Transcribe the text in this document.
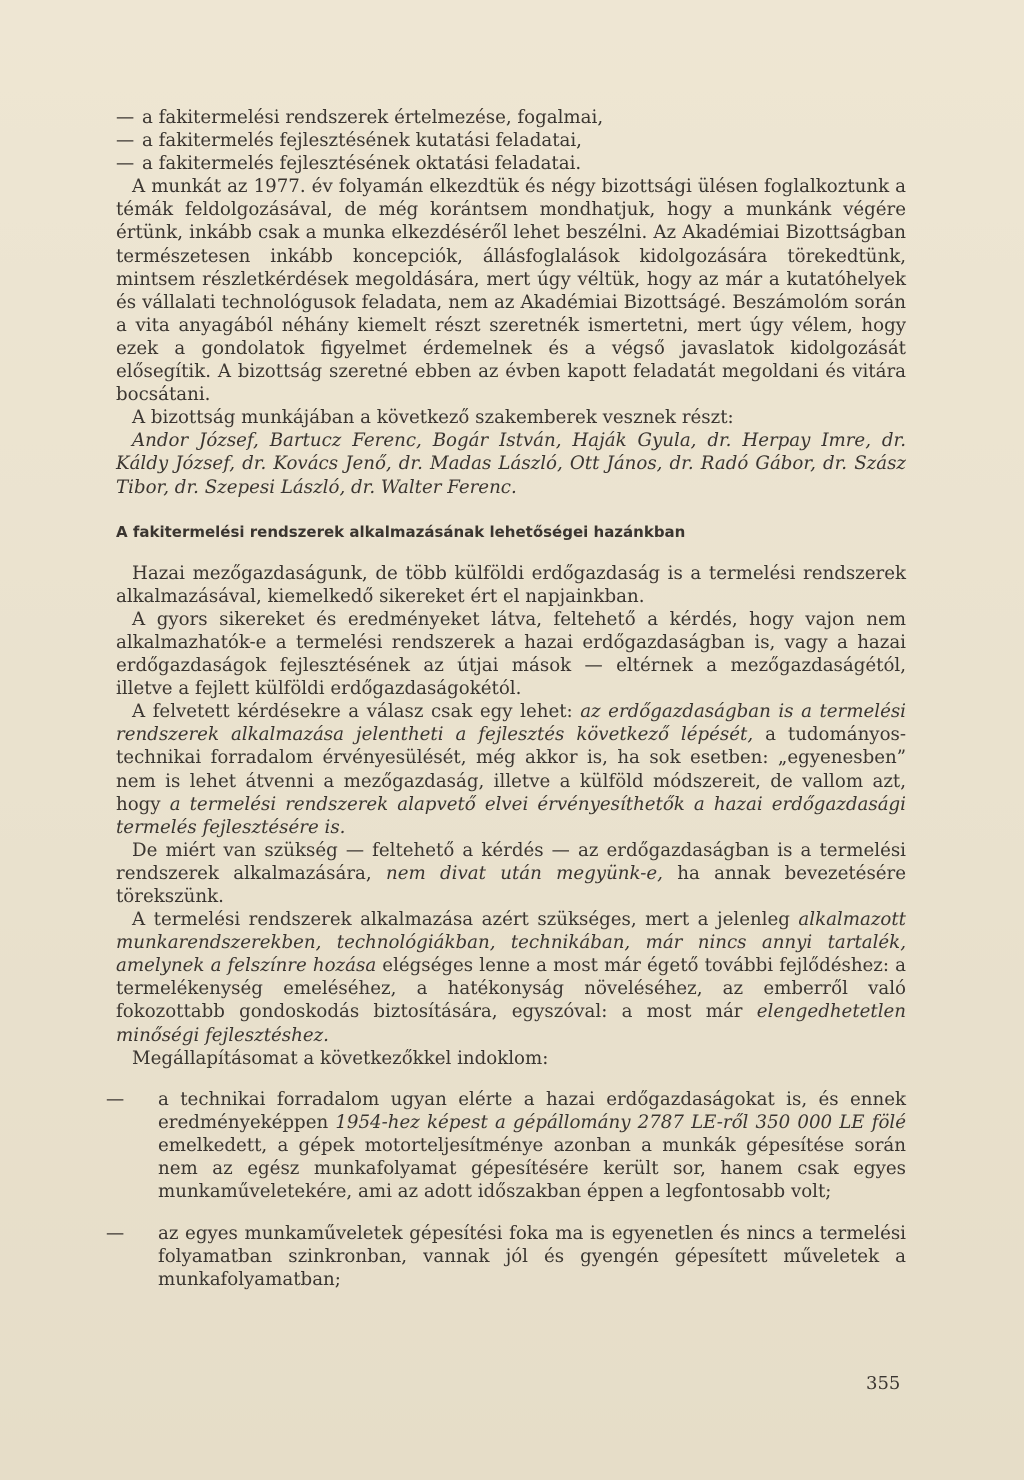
— a fakitermelési rendszerek értelmezése, fogalmai,

— a fakitermelés fejlesztésének kutatási feladatai,

— a fakitermelés fejlesztésének oktatási feladatai.

A munkát az 1977. év folyamán elkezdtük és négy bizottsági ülésen foglalkoztunk a témák feldolgozásával, de még korántsem mondhatjuk, hogy a munkánk végére értünk, inkább csak a munka elkezdéséről lehet beszélni. Az Akadémiai Bizottságban természetesen inkább koncepciók, állásfoglalások kidolgozására törekedtünk, mintsem részletkérdések megoldására, mert úgy véltük, hogy az már a kutatóhelyek és vállalati technológusok feladata, nem az Akadémiai Bizottságé. Beszámolóm során a vita anyagából néhány kiemelt részt szeretnék ismertetni, mert úgy vélem, hogy ezek a gondolatok figyelmet érdemelnek és a végső javaslatok kidolgozását elősegítik. A bizottság szeretné ebben az évben kapott feladatát megoldani és vitára bocsátani.

A bizottság munkájában a következő szakemberek vesznek részt:

Andor József, Bartucz Ferenc, Bogár István, Haják Gyula, dr. Herpay Imre, dr. Káldy József, dr. Kovács Jenő, dr. Madas László, Ott János, dr. Radó Gábor, dr. Szász Tibor, dr. Szepesi László, dr. Walter Ferenc.

A fakitermelési rendszerek alkalmazásának lehetőségei hazánkban

Hazai mezőgazdaságunk, de több külföldi erdőgazdaság is a termelési rendszerek alkalmazásával, kiemelkedő sikereket ért el napjainkban.

A gyors sikereket és eredményeket látva, feltehető a kérdés, hogy vajon nem alkalmazhatók-e a termelési rendszerek a hazai erdőgazdaságban is, vagy a hazai erdőgazdaságok fejlesztésének az útjai mások — eltérnek a mezőgazdaságétól, illetve a fejlett külföldi erdőgazdaságokétól.

A felvetett kérdésekre a válasz csak egy lehet: az erdőgazdaságban is a termelési rendszerek alkalmazása jelentheti a fejlesztés következő lépését, a tudományos-technikai forradalom érvényesülését, még akkor is, ha sok esetben: „egyenesben” nem is lehet átvenni a mezőgazdaság, illetve a külföld módszereit, de vallom azt, hogy a termelési rendszerek alapvető elvei érvényesíthetők a hazai erdőgazdasági termelés fejlesztésére is.

De miért van szükség — feltehető a kérdés — az erdőgazdaságban is a termelési rendszerek alkalmazására, nem divat után megyünk-e, ha annak bevezetésére törekszünk.

A termelési rendszerek alkalmazása azért szükséges, mert a jelenleg alkalmazott munkarendszerekben, technológiákban, technikában, már nincs annyi tartalék, amelynek a felszínre hozása elégséges lenne a most már égető további fejlődéshez: a termelékenység emeléséhez, a hatékonyság növeléséhez, az emberről való fokozottabb gondoskodás biztosítására, egyszóval: a most már elengedhetetlen minőségi fejlesztéshez.

Megállapításomat a következőkkel indoklom:

— a technikai forradalom ugyan elérte a hazai erdőgazdaságokat is, és ennek eredményeképpen 1954-hez képest a gépállomány 2787 LE-ről 350 000 LE fölé emelkedett, a gépek motorteljesítménye azonban a munkák gépesítése során nem az egész munkafolyamat gépesítésére került sor, hanem csak egyes munkaműveletekére, ami az adott időszakban éppen a legfontosabb volt;

— az egyes munkaműveletek gépesítési foka ma is egyenetlen és nincs a termelési folyamatban szinkronban, vannak jól és gyengén gépesített műveletek a munkafolyamatban;

355
